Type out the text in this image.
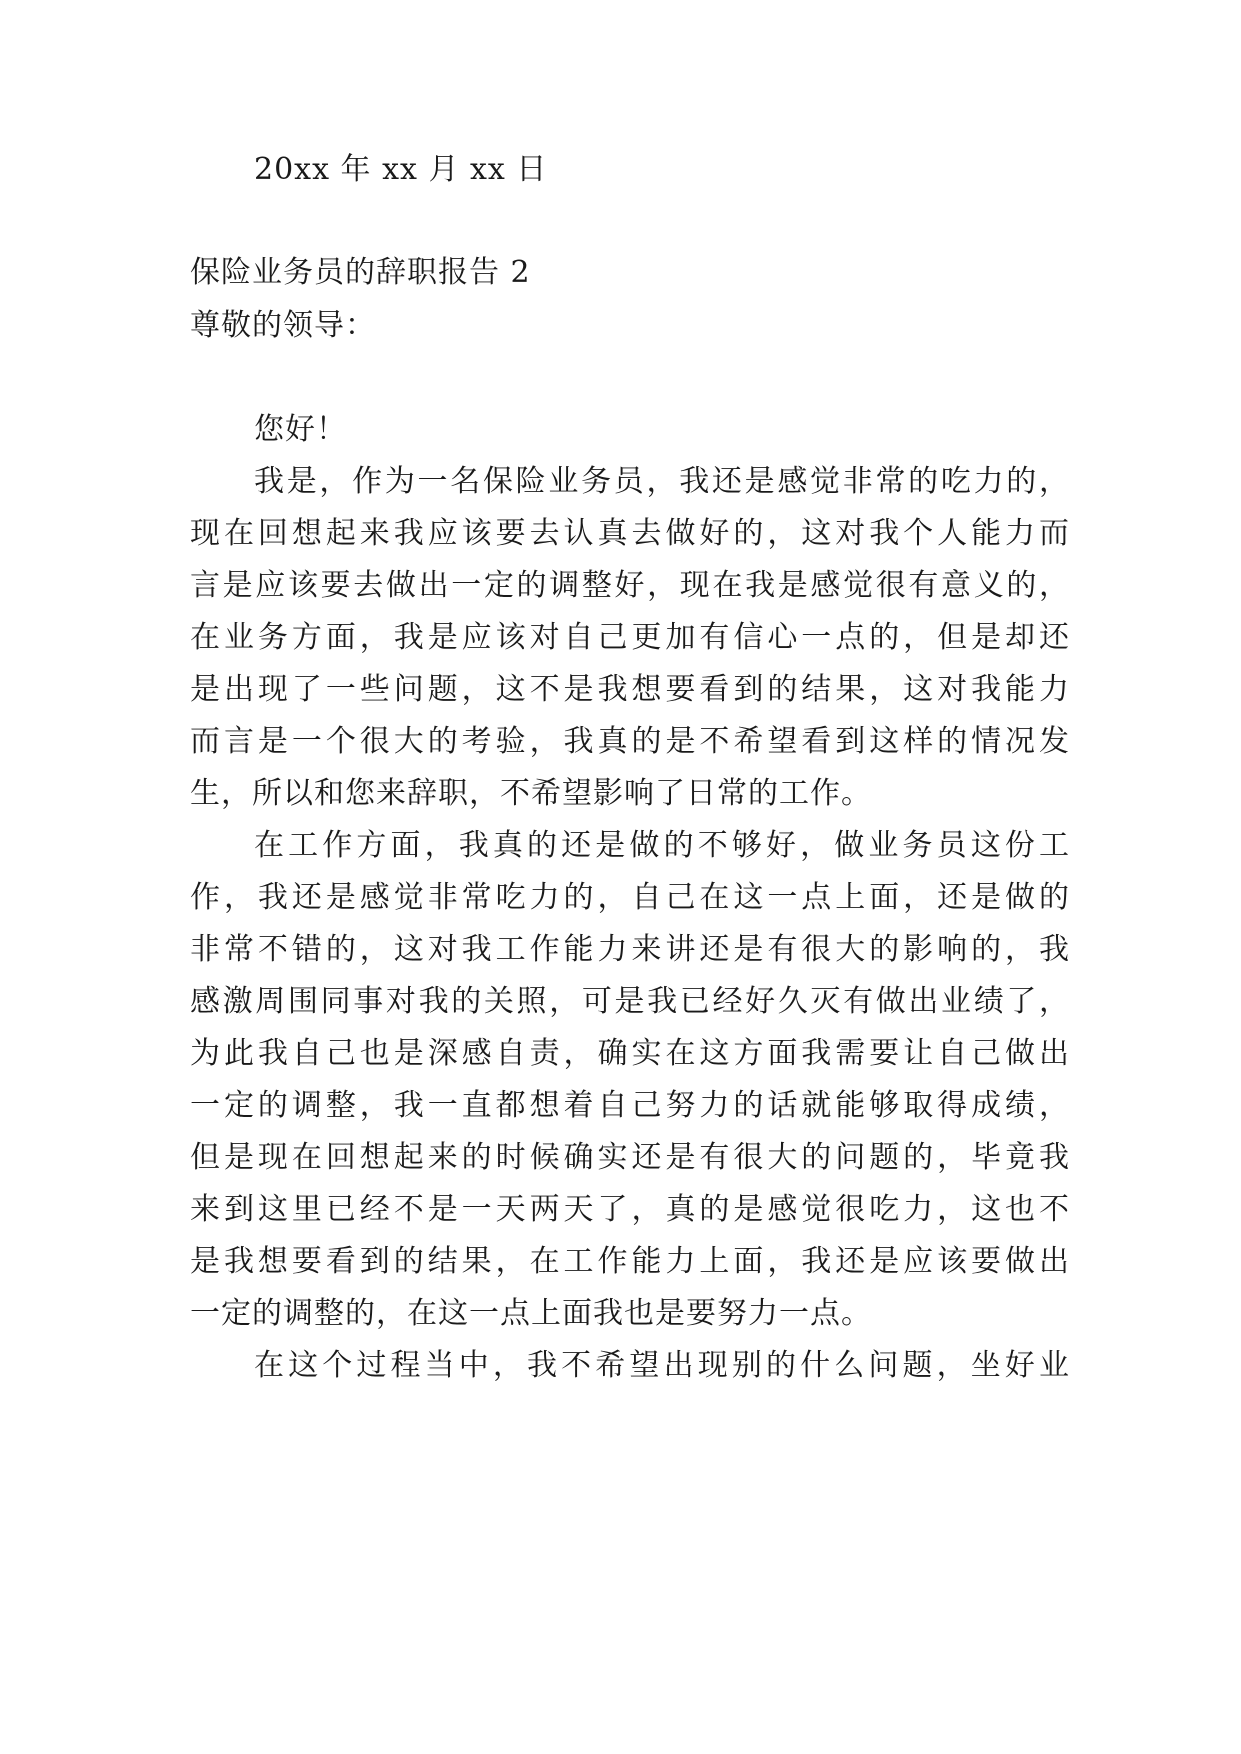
20xx 年 xx 月 xx 日
保险业务员的辞职报告 2
尊敬的领导：
您好！
我是，作为一名保险业务员，我还是感觉非常的吃力的，
现在回想起来我应该要去认真去做好的，这对我个人能力而
言是应该要去做出一定的调整好，现在我是感觉很有意义的，
在业务方面，我是应该对自己更加有信心一点的，但是却还
是出现了一些问题，这不是我想要看到的结果，这对我能力
而言是一个很大的考验，我真的是不希望看到这样的情况发
生，所以和您来辞职，不希望影响了日常的工作。
在工作方面，我真的还是做的不够好，做业务员这份工
作，我还是感觉非常吃力的，自己在这一点上面，还是做的
非常不错的，这对我工作能力来讲还是有很大的影响的，我
感激周围同事对我的关照，可是我已经好久灭有做出业绩了，
为此我自己也是深感自责，确实在这方面我需要让自己做出
一定的调整，我一直都想着自己努力的话就能够取得成绩，
但是现在回想起来的时候确实还是有很大的问题的，毕竟我
来到这里已经不是一天两天了，真的是感觉很吃力，这也不
是我想要看到的结果，在工作能力上面，我还是应该要做出
一定的调整的，在这一点上面我也是要努力一点。
在这个过程当中，我不希望出现别的什么问题，坐好业
